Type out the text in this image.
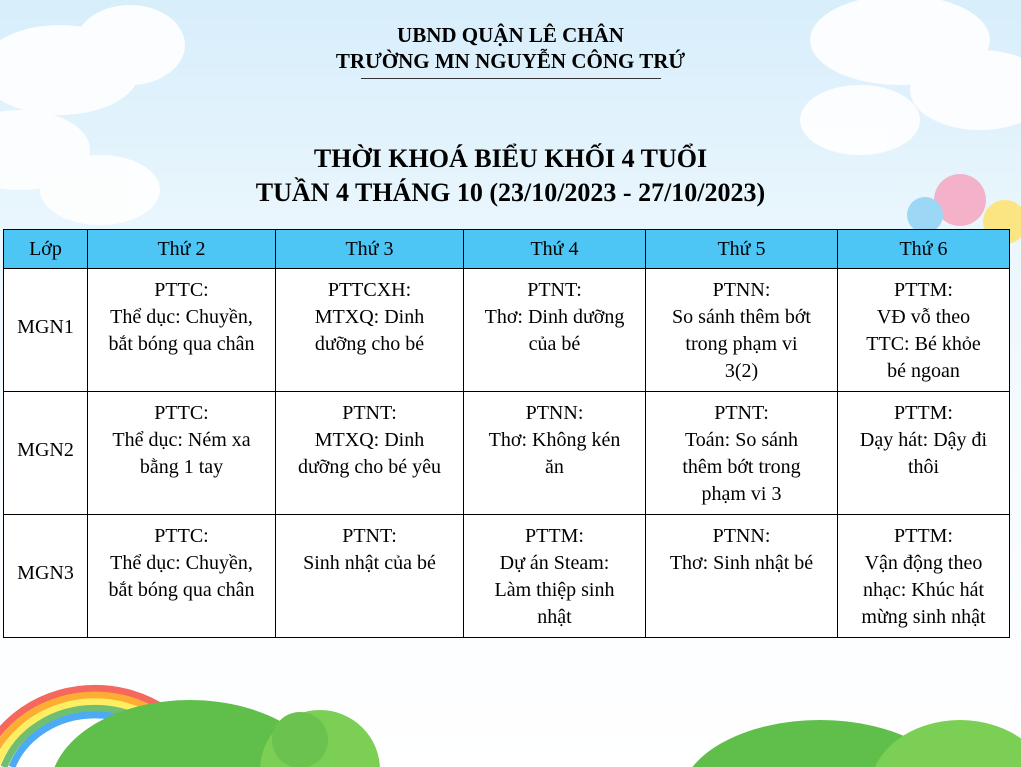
UBND QUẬN LÊ CHÂN
TRƯỜNG MN NGUYỄN CÔNG TRỨ
THỜI KHOÁ BIỂU KHỐI 4 TUỔI
TUẦN 4 THÁNG 10 (23/10/2023 - 27/10/2023)
Lớp	Thứ 2	Thứ 3	Thứ 4	Thứ 5	Thứ 6
MGN1	PTTC:
Thể dục: Chuyền,
bắt bóng qua chân	PTTCXH:
MTXQ: Dinh
dưỡng cho bé	PTNT:
Thơ: Dinh dưỡng
của bé	PTNN:
So sánh thêm bớt
trong phạm vi
3(2)	PTTM:
VĐ vỗ theo
TTC: Bé khỏe
bé ngoan

MGN2	PTTC:
Thể dục: Ném xa
bằng 1 tay	PTNT:
MTXQ: Dinh
dưỡng cho bé yêu	PTNN:
Thơ: Không kén
ăn	PTNT:
Toán: So sánh
thêm bớt trong
phạm vi 3	PTTM:
Dạy hát: Dậy đi
thôi

MGN3	PTTC:
Thể dục: Chuyền,
bắt bóng qua chân	PTNT:
Sinh nhật của bé	PTTM:
Dự án Steam:
Làm thiệp sinh
nhật	PTNN:
Thơ: Sinh nhật bé	PTTM:
Vận động theo
nhạc: Khúc hát
mừng sinh nhật
